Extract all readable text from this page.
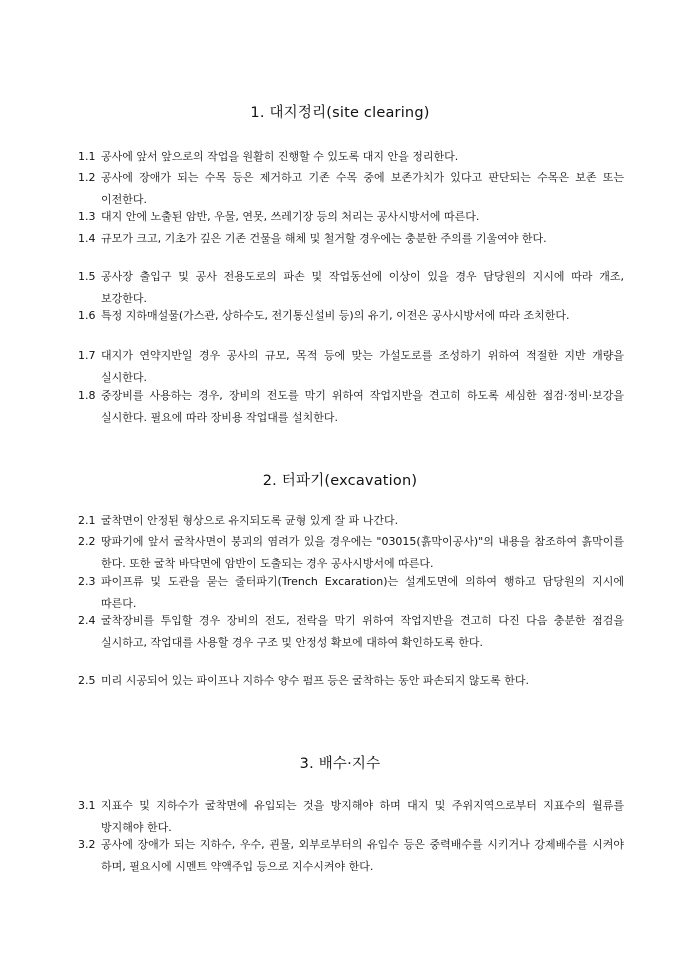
1. 대지정리(site clearing)
1.1 공사에 앞서 앞으로의 작업을 원활히 진행할 수 있도록 대지 안을 정리한다.
1.2 공사에 장애가 되는 수목 등은 제거하고 기존 수목 중에 보존가치가 있다고 판단되는 수목은 보존 또는 이전한다.
1.3 대지 안에 노출된 암반, 우물, 연못, 쓰레기장 등의 처리는 공사시방서에 따른다.
1.4 규모가 크고, 기초가 깊은 기존 건물을 해체 및 철거할 경우에는 충분한 주의를 기울여야 한다.
1.5 공사장 출입구 및 공사 전용도로의 파손 및 작업동선에 이상이 있을 경우 담당원의 지시에 따라 개조, 보강한다.
1.6 특정 지하매설물(가스관, 상하수도, 전기통신설비 등)의 유기, 이전은 공사시방서에 따라 조치한다.
1.7 대지가 연약지반일 경우 공사의 규모, 목적 등에 맞는 가설도로를 조성하기 위하여 적절한 지반 개량을 실시한다.
1.8 중장비를 사용하는 경우, 장비의 전도를 막기 위하여 작업지반을 견고히 하도록 세심한 점검·정비·보강을 실시한다. 필요에 따라 장비용 작업대를 설치한다.
2. 터파기(excavation)
2.1 굴착면이 안정된 형상으로 유지되도록 균형 있게 잘 파 나간다.
2.2 땅파기에 앞서 굴착사면이 붕괴의 염려가 있을 경우에는 "03015(흙막이공사)"의 내용을 참조하여 흙막이를 한다. 또한 굴착 바닥면에 암반이 도출되는 경우 공사시방서에 따른다.
2.3 파이프류 및 도관을 묻는 줄터파기(Trench Excaration)는 설계도면에 의하여 행하고 담당원의 지시에 따른다.
2.4 굴착장비를 투입할 경우 장비의 전도, 전락을 막기 위하여 작업지반을 견고히 다진 다음 충분한 점검을 실시하고, 작업대를 사용할 경우 구조 및 안정성 확보에 대하여 확인하도록 한다.
2.5 미리 시공되어 있는 파이프나 지하수 양수 펌프 등은 굴착하는 동안 파손되지 않도록 한다.
3. 배수·지수
3.1 지표수 및 지하수가 굴착면에 유입되는 것을 방지해야 하며 대지 및 주위지역으로부터 지표수의 월류를 방지해야 한다.
3.2 공사에 장애가 되는 지하수, 우수, 괸물, 외부로부터의 유입수 등은 중력배수를 시키거나 강제배수를 시켜야 하며, 필요시에 시멘트 약액주입 등으로 지수시켜야 한다.
